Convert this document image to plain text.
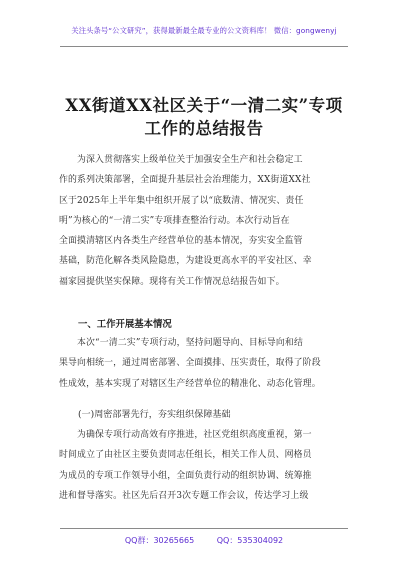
关注头条号“公文研究”，获得最新最全最专业的公文资料库！ 微信：gongwenyj
XX街道XX社区关于“一清二实”专项
工作的总结报告
为深入贯彻落实上级单位关于加强安全生产和社会稳定工
作的系列决策部署，全面提升基层社会治理能力，XX街道XX社
区于2025年上半年集中组织开展了以“底数清、情况实、责任
明”为核心的“一清二实”专项排查整治行动。本次行动旨在
全面摸清辖区内各类生产经营单位的基本情况，夯实安全监管
基础，防范化解各类风险隐患，为建设更高水平的平安社区、幸
福家园提供坚实保障。现将有关工作情况总结报告如下。
一、工作开展基本情况
本次“一清二实”专项行动，坚持问题导向、目标导向和结
果导向相统一，通过周密部署、全面摸排、压实责任，取得了阶段
性成效，基本实现了对辖区生产经营单位的精准化、动态化管理。
(一)周密部署先行，夯实组织保障基础
为确保专项行动高效有序推进，社区党组织高度重视，第一
时间成立了由社区主要负责同志任组长，相关工作人员、网格员
为成员的专项工作领导小组，全面负责行动的组织协调、统筹推
进和督导落实。社区先后召开3次专题工作会议，传达学习上级
QQ群：30265665	QQ：535304092
